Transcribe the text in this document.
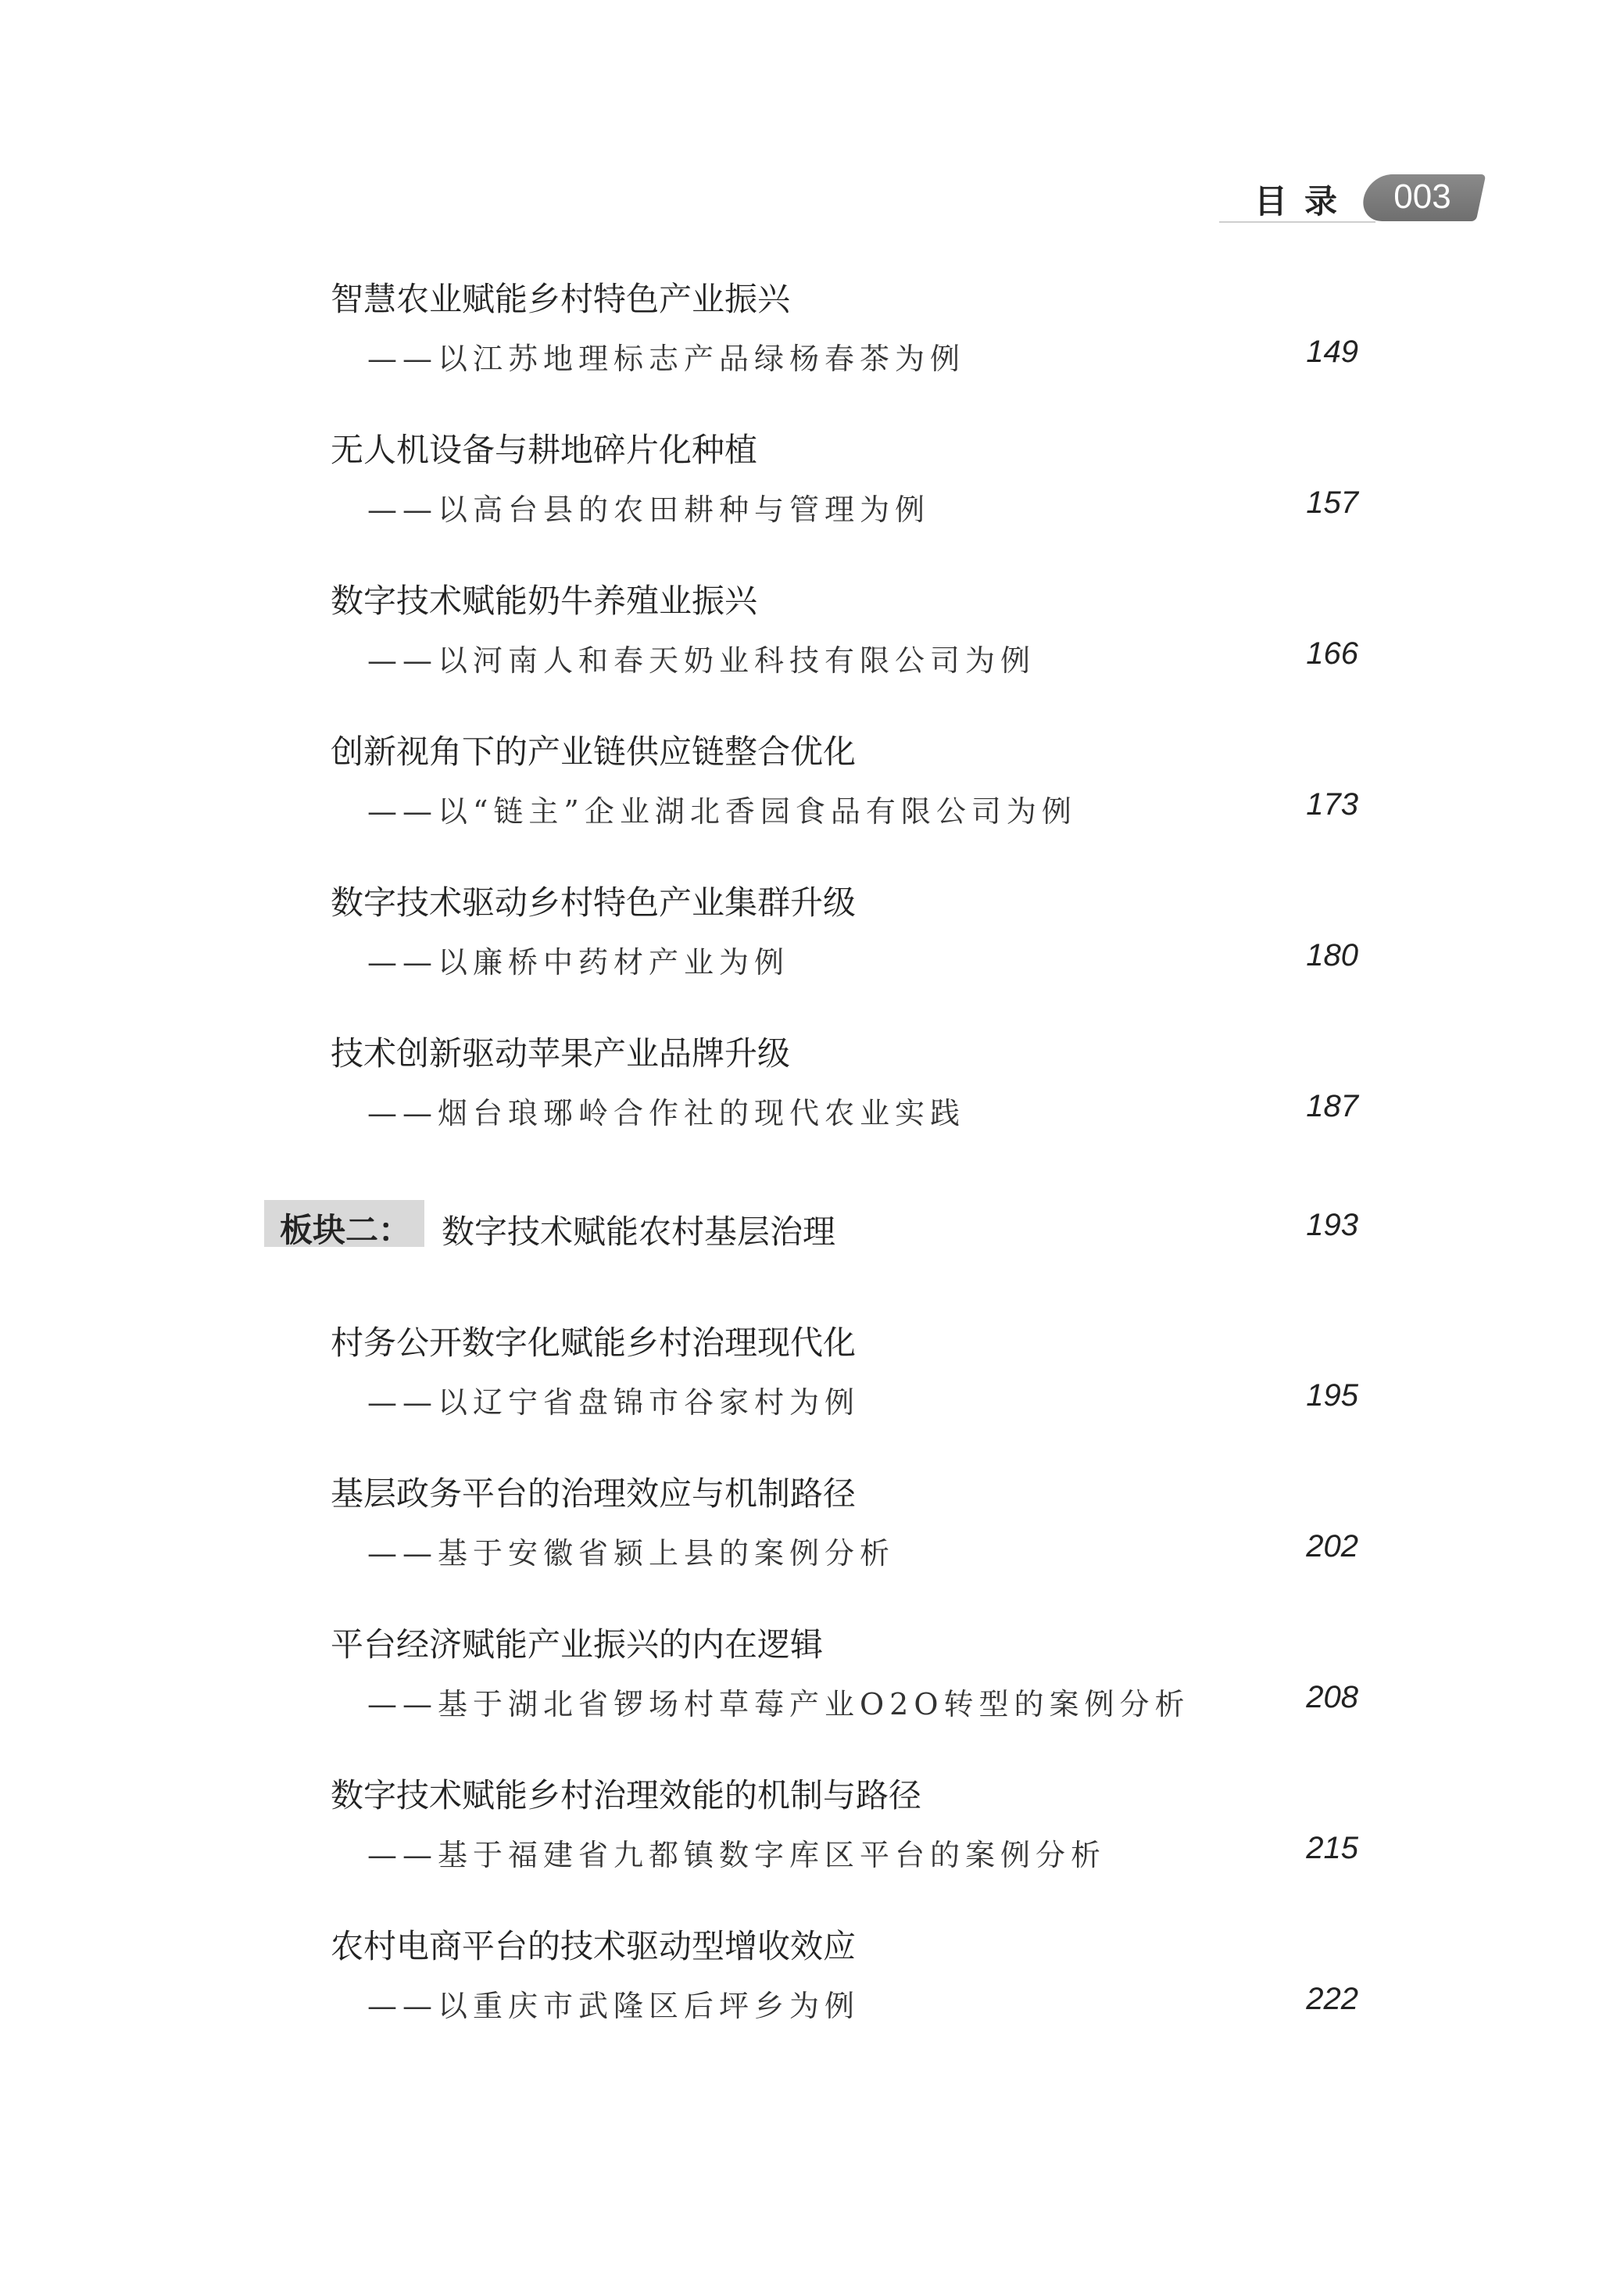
目录	003
智慧农业赋能乡村特色产业振兴
——以江苏地理标志产品绿杨春茶为例	149
无人机设备与耕地碎片化种植
——以高台县的农田耕种与管理为例	157
数字技术赋能奶牛养殖业振兴
——以河南人和春天奶业科技有限公司为例	166
创新视角下的产业链供应链整合优化
——以“链主”企业湖北香园食品有限公司为例	173
数字技术驱动乡村特色产业集群升级
——以廉桥中药材产业为例	180
技术创新驱动苹果产业品牌升级
——烟台琅琊岭合作社的现代农业实践	187
板块二： 数字技术赋能农村基层治理	193
村务公开数字化赋能乡村治理现代化
——以辽宁省盘锦市谷家村为例	195
基层政务平台的治理效应与机制路径
——基于安徽省颍上县的案例分析	202
平台经济赋能产业振兴的内在逻辑
——基于湖北省锣场村草莓产业O2O转型的案例分析	208
数字技术赋能乡村治理效能的机制与路径
——基于福建省九都镇数字库区平台的案例分析	215
农村电商平台的技术驱动型增收效应
——以重庆市武隆区后坪乡为例	222
